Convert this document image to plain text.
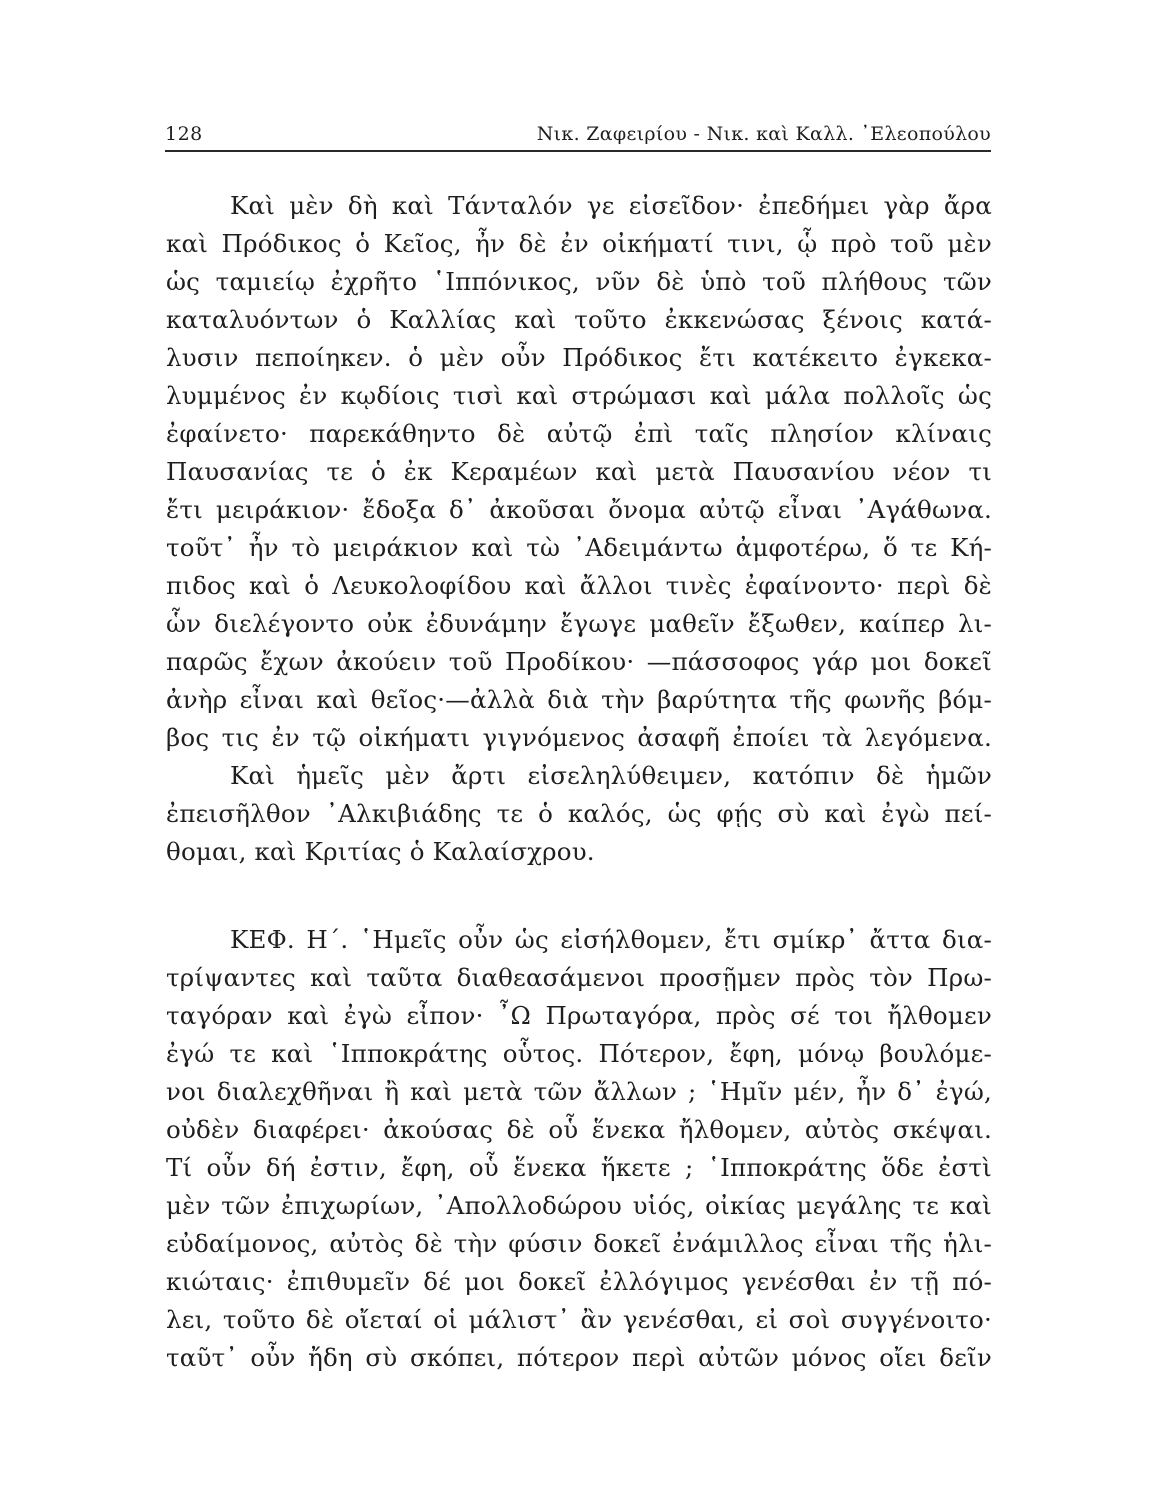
128	Νικ. Ζαφειρίου - Νικ. καὶ Καλλ. ᾿Ελεοπούλου
Καὶ μὲν δὴ καὶ Τάνταλόν γε εἰσεῖδον· ἐπεδήμει γὰρ ἄρα
καὶ Πρόδικος ὁ Κεῖος, ἦν δὲ ἐν οἰκήματί τινι, ᾧ πρὸ τοῦ μὲν
ὡς ταμιείῳ ἐχρῆτο ῾Ιππόνικος, νῦν δὲ ὑπὸ τοῦ πλήθους τῶν
καταλυόντων ὁ Καλλίας καὶ τοῦτο ἐκκενώσας ξένοις κατά-
λυσιν πεποίηκεν. ὁ μὲν οὖν Πρόδικος ἔτι κατέκειτο ἐγκεκα-
λυμμένος ἐν κῳδίοις τισὶ καὶ στρώμασι καὶ μάλα πολλοῖς ὡς
ἐφαίνετο· παρεκάθηντο δὲ αὐτῷ ἐπὶ ταῖς πλησίον κλίναις
Παυσανίας τε ὁ ἐκ Κεραμέων καὶ μετὰ Παυσανίου νέον τι
ἔτι μειράκιον· ἔδοξα δ᾿ ἀκοῦσαι ὄνομα αὐτῷ εἶναι ᾿Αγάθωνα.
τοῦτ᾿ ἦν τὸ μειράκιον καὶ τὼ ᾿Αδειμάντω ἀμφοτέρω, ὅ τε Κή-
πιδος καὶ ὁ Λευκολοφίδου καὶ ἄλλοι τινὲς ἐφαίνοντο· περὶ δὲ
ὧν διελέγοντο οὐκ ἐδυνάμην ἔγωγε μαθεῖν ἔξωθεν, καίπερ λι-
παρῶς ἔχων ἀκούειν τοῦ Προδίκου· —πάσσοφος γάρ μοι δοκεῖ
ἀνὴρ εἶναι καὶ θεῖος·—ἀλλὰ διὰ τὴν βαρύτητα τῆς φωνῆς βόμ-
βος τις ἐν τῷ οἰκήματι γιγνόμενος ἀσαφῆ ἐποίει τὰ λεγόμενα.
Καὶ ἡμεῖς μὲν ἄρτι εἰσεληλύθειμεν, κατόπιν δὲ ἡμῶν
ἐπεισῆλθον ᾿Αλκιβιάδης τε ὁ καλός, ὡς φῄς σὺ καὶ ἐγὼ πεί-
θομαι, καὶ Κριτίας ὁ Καλαίσχρου.
ΚΕΦ. Η΄. ῾Ημεῖς οὖν ὡς εἰσήλθομεν, ἔτι σμίκρ᾿ ἄττα δια-
τρίψαντες καὶ ταῦτα διαθεασάμενοι προσῇμεν πρὸς τὸν Πρω-
ταγόραν καὶ ἐγὼ εἶπον· ῏Ω Πρωταγόρα, πρὸς σέ τοι ἤλθομεν
ἐγώ τε καὶ ῾Ιπποκράτης οὗτος. Πότερον, ἔφη, μόνῳ βουλόμε-
νοι διαλεχθῆναι ἢ καὶ μετὰ τῶν ἄλλων ; ῾Ημῖν μέν, ἦν δ᾿ ἐγώ,
οὐδὲν διαφέρει· ἀκούσας δὲ οὗ ἕνεκα ἤλθομεν, αὐτὸς σκέψαι.
Τί οὖν δή ἐστιν, ἔφη, οὗ ἕνεκα ἥκετε ; ῾Ιπποκράτης ὅδε ἐστὶ
μὲν τῶν ἐπιχωρίων, ᾿Απολλοδώρου υἱός, οἰκίας μεγάλης τε καὶ
εὐδαίμονος, αὐτὸς δὲ τὴν φύσιν δοκεῖ ἐνάμιλλος εἶναι τῆς ἡλι-
κιώταις· ἐπιθυμεῖν δέ μοι δοκεῖ ἐλλόγιμος γενέσθαι ἐν τῇ πό-
λει, τοῦτο δὲ οἴεταί οἱ μάλιστ᾿ ἂν γενέσθαι, εἰ σοὶ συγγένοιτο·
ταῦτ᾿ οὖν ἤδη σὺ σκόπει, πότερον περὶ αὐτῶν μόνος οἴει δεῖν
